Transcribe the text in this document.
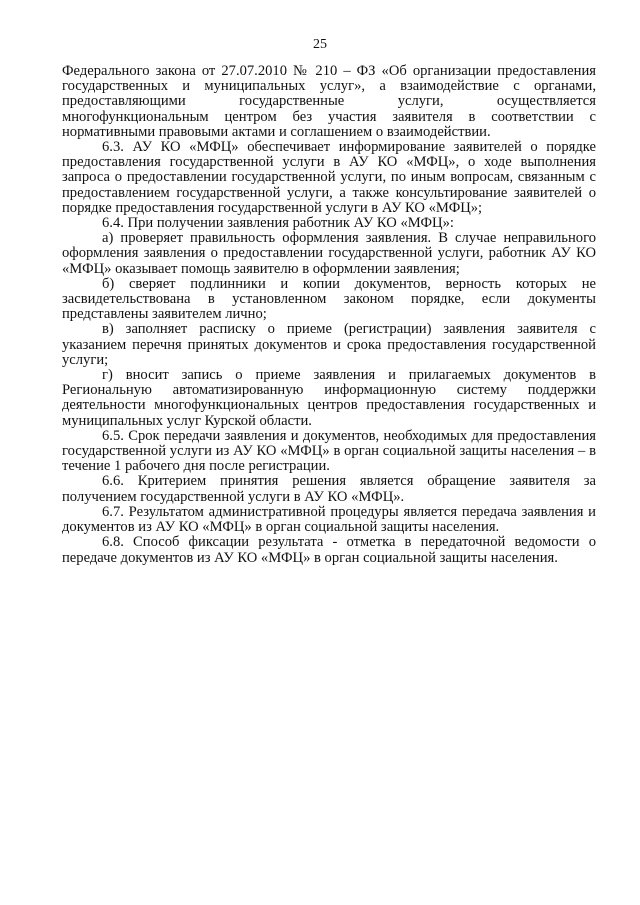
25

Федерального закона от 27.07.2010 № 210 – ФЗ «Об организации предоставления государственных и муниципальных услуг», а взаимодействие с органами, предоставляющими государственные услуги, осуществляется многофункциональным центром без участия заявителя в соответствии с нормативными правовыми актами и соглашением о взаимодействии.

6.3. АУ КО «МФЦ» обеспечивает информирование заявителей о порядке предоставления государственной услуги в АУ КО «МФЦ», о ходе выполнения запроса о предоставлении государственной услуги, по иным вопросам, связанным с предоставлением государственной услуги, а также консультирование заявителей о порядке предоставления государственной услуги в АУ КО «МФЦ»;

6.4. При получении заявления работник АУ КО «МФЦ»:

а) проверяет правильность оформления заявления. В случае неправильного оформления заявления о предоставлении государственной услуги, работник АУ КО «МФЦ» оказывает помощь заявителю в оформлении заявления;

б) сверяет подлинники и копии документов, верность которых не засвидетельствована в установленном законом порядке, если документы представлены заявителем лично;

в) заполняет расписку о приеме (регистрации) заявления заявителя с указанием перечня принятых документов и срока предоставления государственной услуги;

г) вносит запись о приеме заявления и прилагаемых документов в Региональную автоматизированную информационную систему поддержки деятельности многофункциональных центров предоставления государственных и муниципальных услуг Курской области.

6.5. Срок передачи заявления и документов, необходимых для предоставления государственной услуги из АУ КО «МФЦ» в орган социальной защиты населения – в течение 1 рабочего дня после регистрации.

6.6. Критерием принятия решения является обращение заявителя за получением государственной услуги в АУ КО «МФЦ».

6.7. Результатом административной процедуры является передача заявления и документов из АУ КО «МФЦ» в орган социальной защиты населения.

6.8. Способ фиксации результата - отметка в передаточной ведомости о передаче документов из АУ КО «МФЦ» в орган социальной защиты населения.
